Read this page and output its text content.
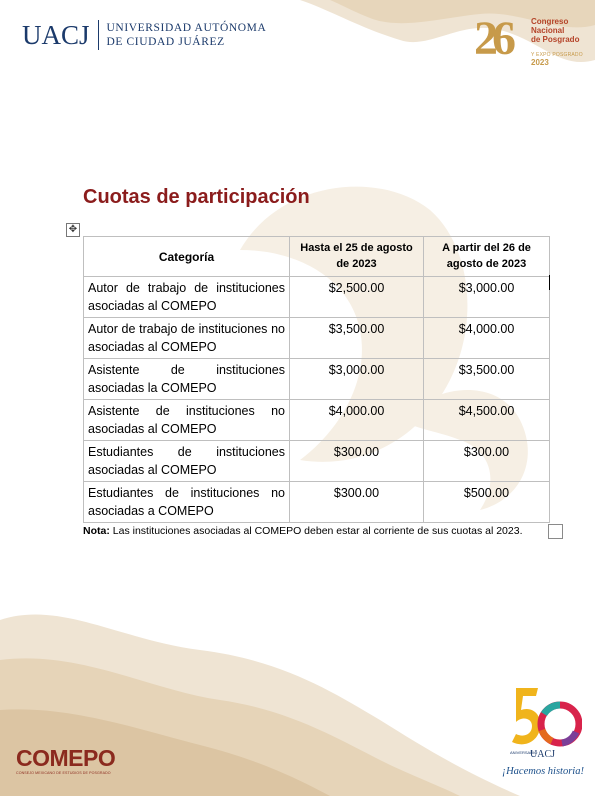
UACJ UNIVERSIDAD AUTÓNOMA
DE CIUDAD JUÁREZ	26	Congreso
Nacional
de Posgrado
Y EXPO POSGRADO
2023
Cuotas de participación
✥
Categoría	Hasta el 25 de agosto de 2023	A partir del 26 de agosto de 2023
Autor de trabajo de instituciones asociadas al COMEPO	$2,500.00	$3,000.00
Autor de trabajo de instituciones no asociadas al COMEPO	$3,500.00	$4,000.00
Asistente de instituciones asociadas la COMEPO	$3,000.00	$3,500.00
Asistente de instituciones no asociadas al COMEPO	$4,000.00	$4,500.00
Estudiantes de instituciones asociadas al COMEPO	$300.00	$300.00
Estudiantes de instituciones no asociadas a COMEPO	$300.00	$500.00
Nota: Las instituciones asociadas al COMEPO deben estar al corriente de sus cuotas al 2023.
COMEPO
CONSEJO MEXICANO DE ESTUDIOS DE POSGRADO
ANIVERSARIO
UACJ
¡Hacemos historia!
